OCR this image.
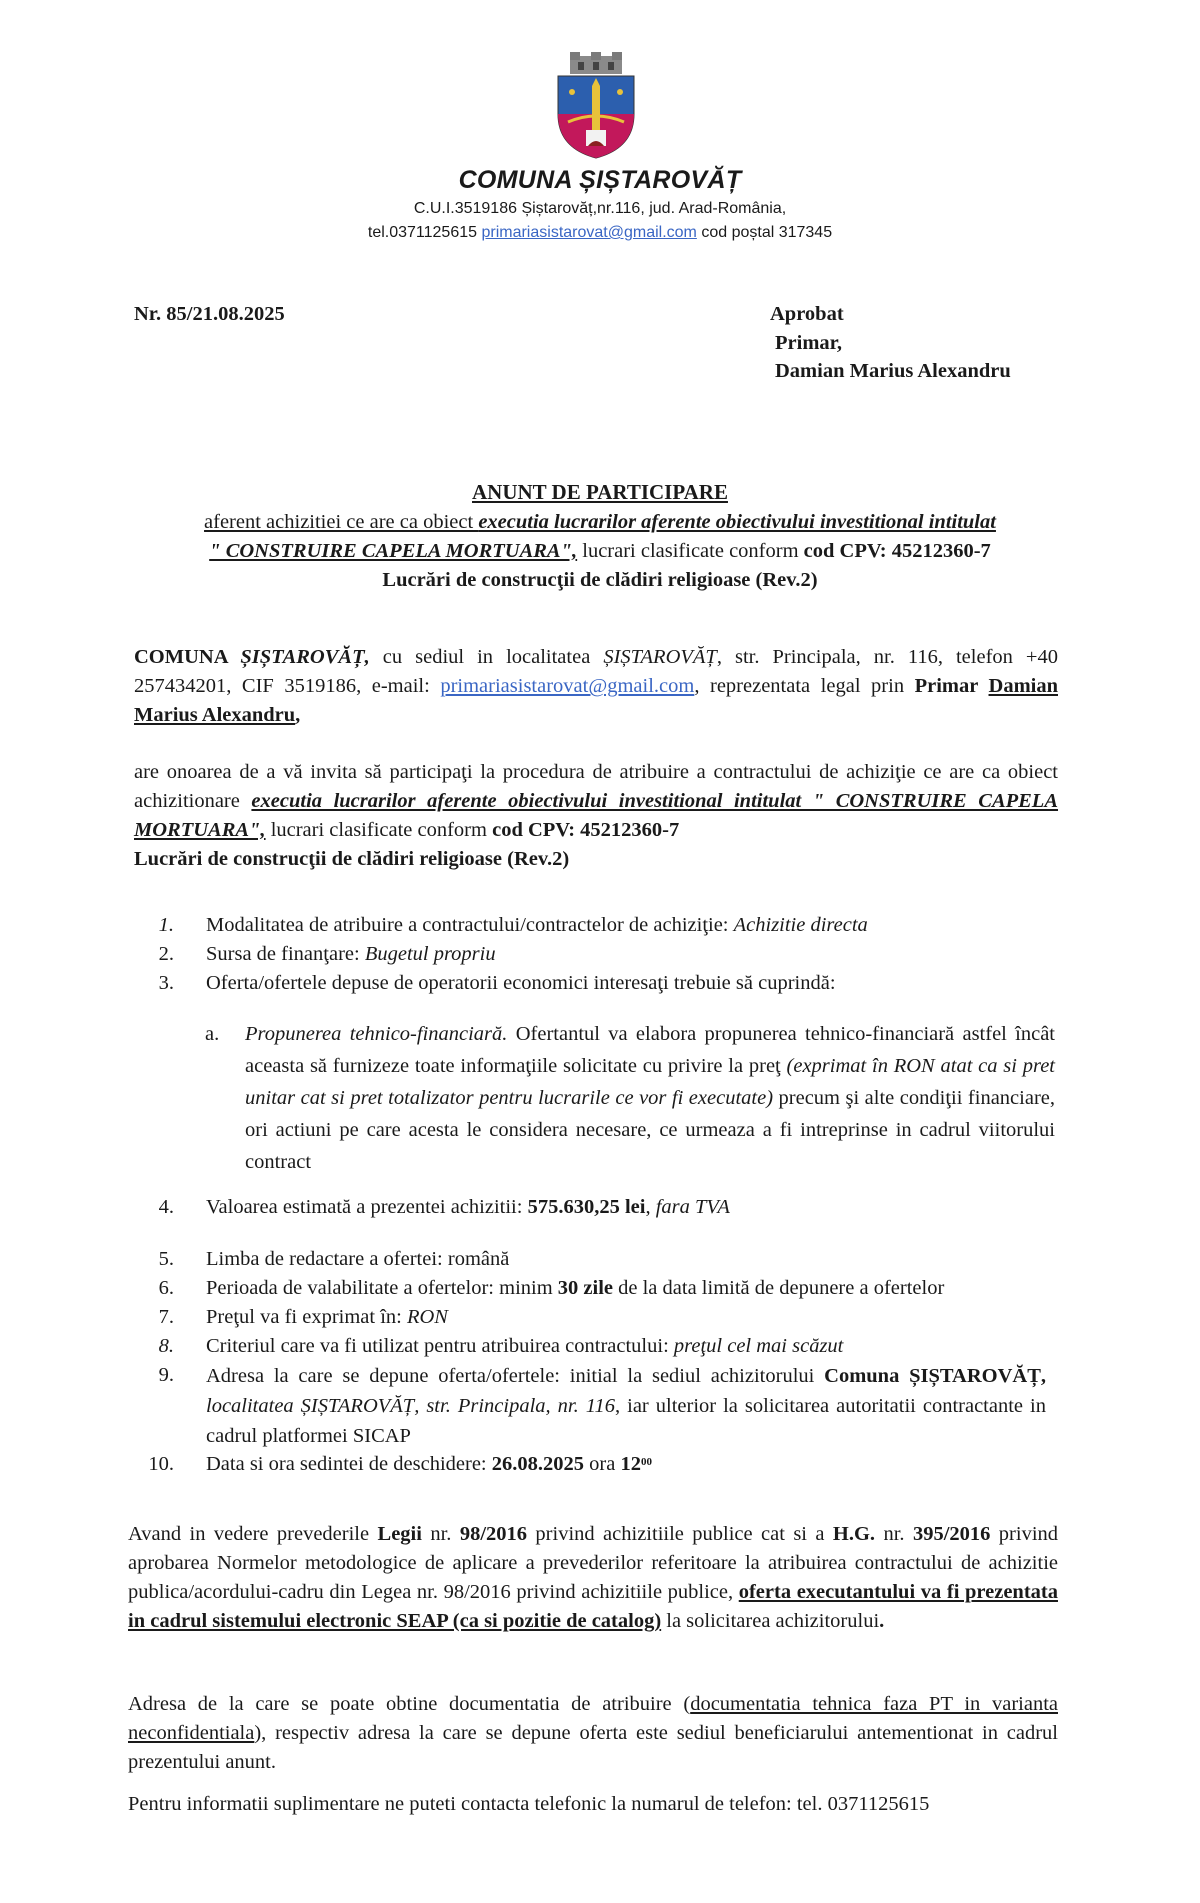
COMUNA ȘIȘTAROVĂȚ
C.U.I.3519186 Șiștarovăț,nr.116, jud. Arad-România,
tel.0371125615 primariasistarovat@gmail.com cod poștal 317345
Nr. 85/21.08.2025	Aprobat
Primar,
Damian Marius Alexandru
ANUNT DE PARTICIPARE
aferent achizitiei ce are ca obiect executia lucrarilor aferente obiectivului investitional intitulat
" CONSTRUIRE CAPELA MORTUARA", lucrari clasificate conform cod CPV: 45212360-7
Lucrări de construcţii de clădiri religioase (Rev.2)
COMUNA ȘIȘTAROVĂȚ, cu sediul in localitatea ȘIȘTAROVĂȚ, str. Principala, nr. 116, telefon +40 257434201, CIF 3519186, e-mail: primariasistarovat@gmail.com, reprezentata legal prin Primar Damian Marius Alexandru,
are onoarea de a vă invita să participaţi la procedura de atribuire a contractului de achiziţie ce are ca obiect achizitionare executia lucrarilor aferente obiectivului investitional intitulat " CONSTRUIRE CAPELA MORTUARA", lucrari clasificate conform cod CPV: 45212360-7
Lucrări de construcţii de clădiri religioase (Rev.2)
1. Modalitatea de atribuire a contractului/contractelor de achiziţie: Achizitie directa
2. Sursa de finanţare: Bugetul propriu
3. Oferta/ofertele depuse de operatorii economici interesaţi trebuie să cuprindă:
a.	Propunerea tehnico-financiară. Ofertantul va elabora propunerea tehnico-financiară astfel încât aceasta să furnizeze toate informaţiile solicitate cu privire la preţ (exprimat în RON atat ca si pret unitar cat si pret totalizator pentru lucrarile ce vor fi executate) precum şi alte condiţii financiare, ori actiuni pe care acesta le considera necesare, ce urmeaza a fi intreprinse in cadrul viitorului contract
4. Valoarea estimată a prezentei achizitii: 575.630,25 lei, fara TVA
5. Limba de redactare a ofertei: română
6. Perioada de valabilitate a ofertelor: minim 30 zile de la data limită de depunere a ofertelor
7. Preţul va fi exprimat în: RON
8. Criteriul care va fi utilizat pentru atribuirea contractului: preţul cel mai scăzut
9. Adresa la care se depune oferta/ofertele: initial la sediul achizitorului Comuna ȘIȘTAROVĂȚ, localitatea ȘIȘTAROVĂȚ, str. Principala, nr. 116, iar ulterior la solicitarea autoritatii contractante in cadrul platformei SICAP
10. Data si ora sedintei de deschidere: 26.08.2025 ora $12^{00}$
Avand in vedere prevederile Legii nr. 98/2016 privind achizitiile publice cat si a H.G. nr. 395/2016 privind aprobarea Normelor metodologice de aplicare a prevederilor referitoare la atribuirea contractului de achizitie publica/acordului-cadru din Legea nr. 98/2016 privind achizitiile publice, oferta executantului va fi prezentata in cadrul sistemului electronic SEAP (ca si pozitie de catalog) la solicitarea achizitorului.
Adresa de la care se poate obtine documentatia de atribuire (documentatia tehnica faza PT in varianta neconfidentiala), respectiv adresa la care se depune oferta este sediul beneficiarului antementionat in cadrul prezentului anunt.
Pentru informatii suplimentare ne puteti contacta telefonic la numarul de telefon: tel. 0371125615
